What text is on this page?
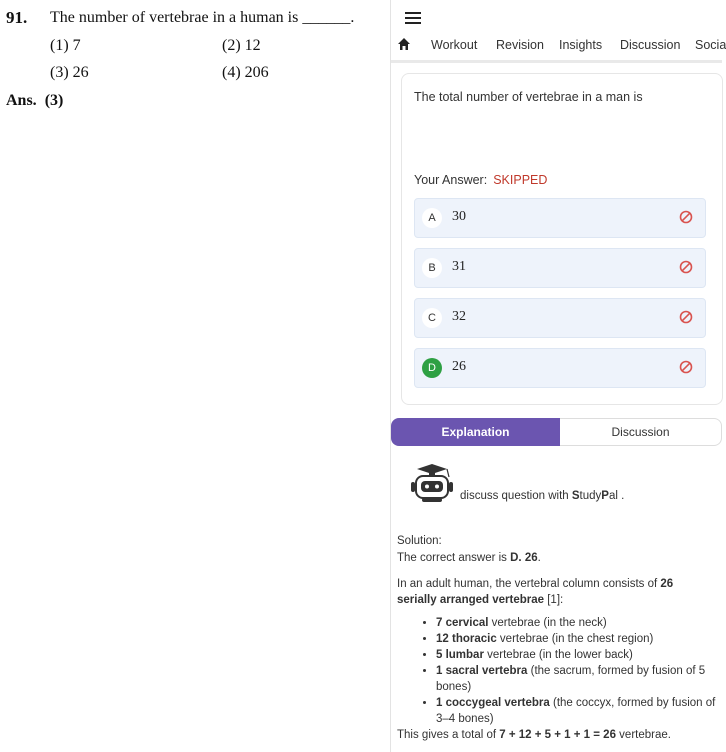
91. The number of vertebrae in a human is ______.
(1) 7	(2) 12
(3) 26	(4) 206
Ans. (3)
Workout Revision Insights Discussion Socia
The total number of vertebrae in a man is
Your Answer: SKIPPED
A	30
B	31
C	32
D	26
Explanation	Discussion
discuss question with StudyPal .

Solution:

The correct answer is D. 26.

In an adult human, the vertebral column consists of 26
serially arranged vertebrae [1]:

• 7 cervical vertebrae (in the neck)
• 12 thoracic vertebrae (in the chest region)
• 5 lumbar vertebrae (in the lower back)
• 1 sacral vertebra (the sacrum, formed by fusion of 5 bones)
• 1 coccygeal vertebra (the coccyx, formed by fusion of 3–4 bones)

This gives a total of 7 + 12 + 5 + 1 + 1 = 26 vertebrae.
